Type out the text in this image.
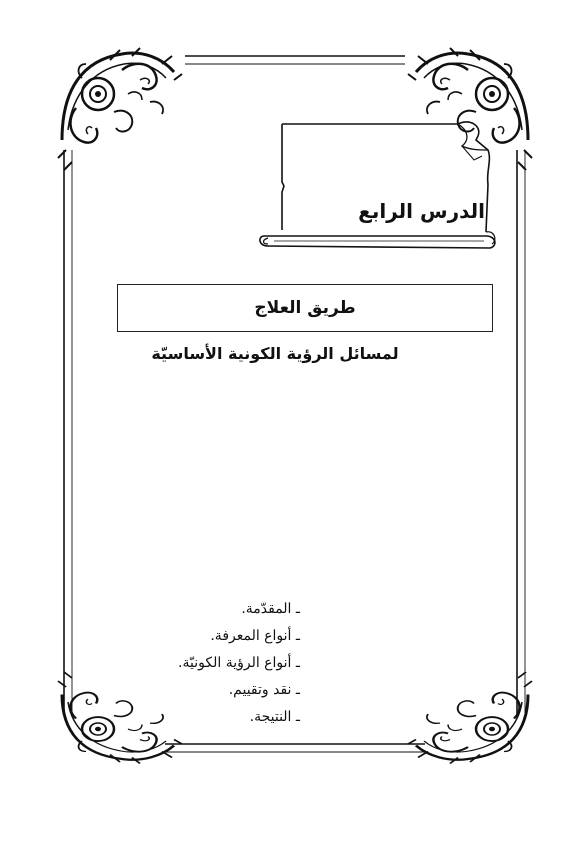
الدرس الرابع
طريق العلاج
لمسائل الرؤية الكونية الأساسيّة
ـ المقدّمة.
ـ أنواع المعرفة.
ـ أنواع الرؤية الكونيّة.
ـ نقد وتقييم.
ـ النتيجة.
